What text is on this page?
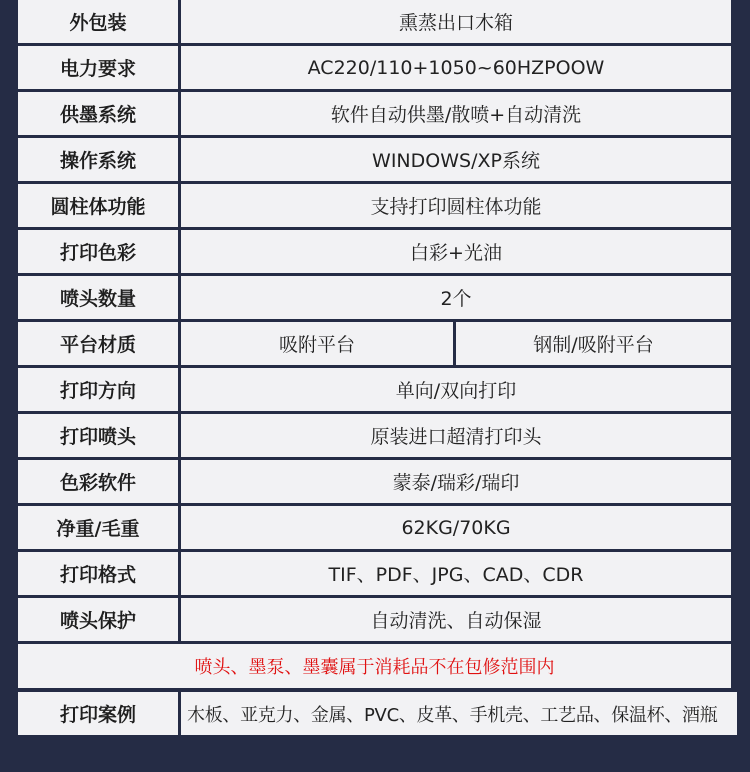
外包装	熏蒸出口木箱
电力要求	AC220/110+1050~60HZPOOW
供墨系统	软件自动供墨/散喷+自动清洗
操作系统	WINDOWS/XP系统
圆柱体功能	支持打印圆柱体功能
打印色彩	白彩+光油
喷头数量	2个
平台材质	吸附平台	钢制/吸附平台
打印方向	单向/双向打印
打印喷头	原装进口超清打印头
色彩软件	蒙泰/瑞彩/瑞印
净重/毛重	62KG/70KG
打印格式	TIF、PDF、JPG、CAD、CDR
喷头保护	自动清洗、自动保湿
喷头、墨泵、墨囊属于消耗品不在包修范围内
打印案例	木板、亚克力、金属、PVC、皮革、手机壳、工艺品、保温杯、酒瓶
